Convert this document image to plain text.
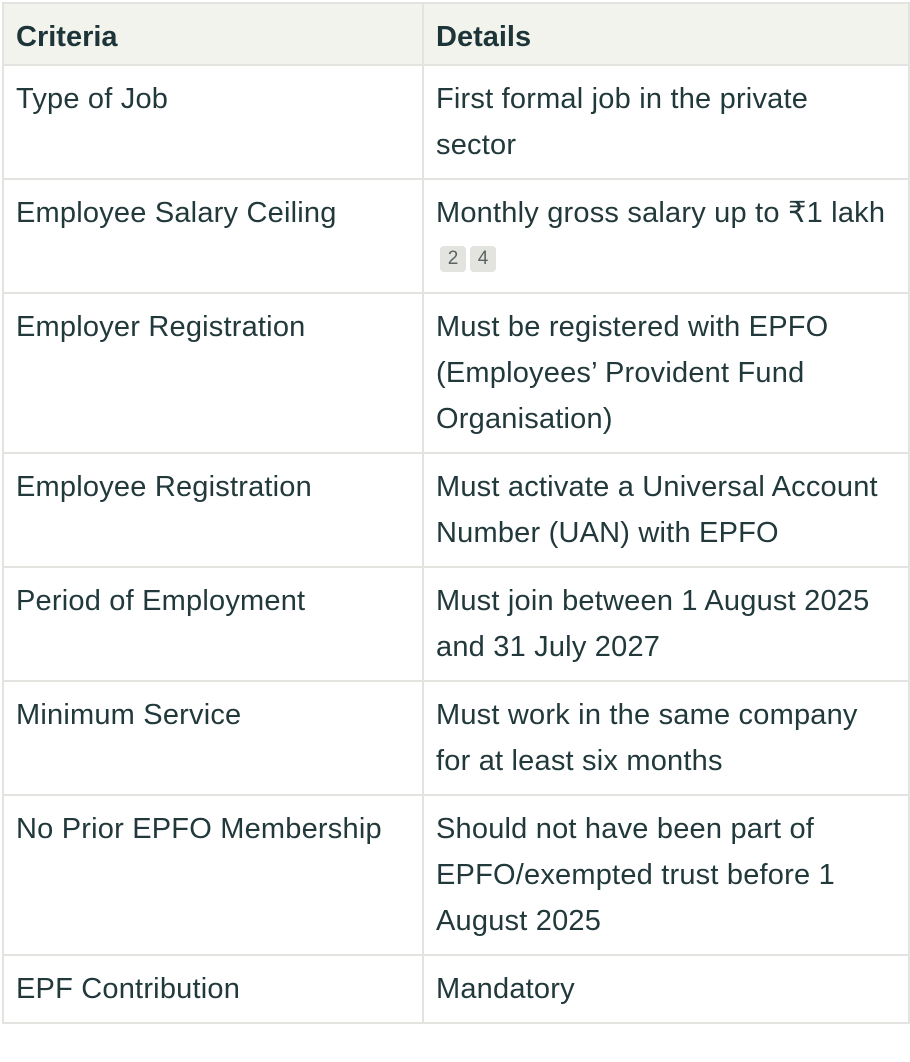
Criteria	Details
Type of Job	First formal job in the private sector
Employee Salary Ceiling	Monthly gross salary up to ₹1 lakh2 4
Employer Registration	Must be registered with EPFO (Employees’ Provident Fund Organisation)
Employee Registration	Must activate a Universal Account Number (UAN) with EPFO
Period of Employment	Must join between 1 August 2025 and 31 July 2027
Minimum Service	Must work in the same company for at least six months
No Prior EPFO Membership	Should not have been part of EPFO/exempted trust before 1 August 2025
EPF Contribution	Mandatory
